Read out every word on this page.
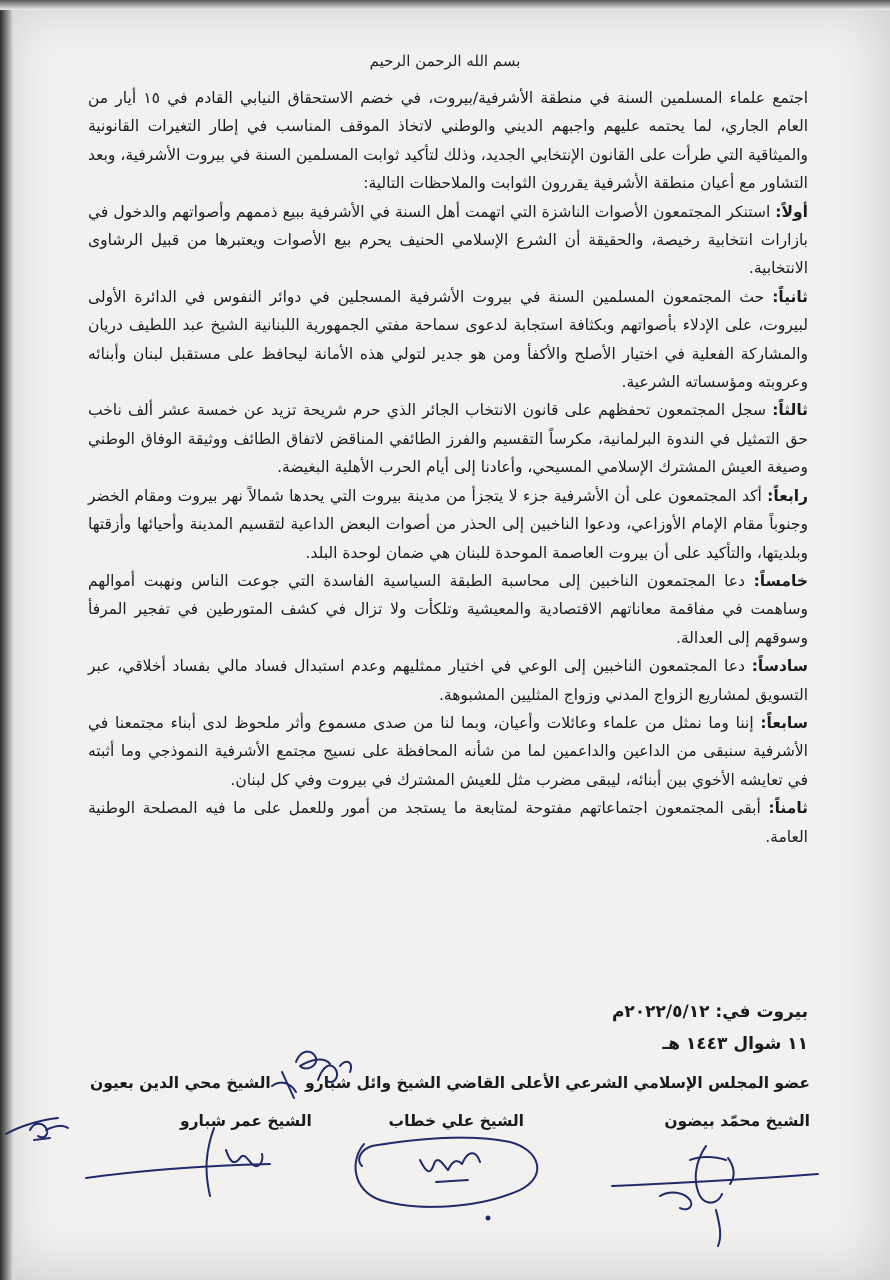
بسم الله الرحمن الرحيم

اجتمع علماء المسلمين السنة في منطقة الأشرفية/بيروت، في خضم الاستحقاق النيابي القادم في ١٥ أيار من العام الجاري، لما يحتمه عليهم واجبهم الديني والوطني لاتخاذ الموقف المناسب في إطار التغيرات القانونية والميثاقية التي طرأت على القانون الإنتخابي الجديد، وذلك لتأكيد ثوابت المسلمين السنة في بيروت الأشرفية، وبعد التشاور مع أعيان منطقة الأشرفية يقررون الثوابت والملاحظات التالية:

أولاً: استنكر المجتمعون الأصوات الناشزة التي اتهمت أهل السنة في الأشرفية ببيع ذممهم وأصواتهم والدخول في بازارات انتخابية رخيصة، والحقيقة أن الشرع الإسلامي الحنيف يحرم بيع الأصوات ويعتبرها من قبيل الرشاوى الانتخابية.

ثانياً: حث المجتمعون المسلمين السنة في بيروت الأشرفية المسجلين في دوائر النفوس في الدائرة الأولى لبيروت، على الإدلاء بأصواتهم وبكثافة استجابة لدعوى سماحة مفتي الجمهورية اللبنانية الشيخ عبد اللطيف دريان والمشاركة الفعلية في اختيار الأصلح والأكفأ ومن هو جدير لتولي هذه الأمانة ليحافظ على مستقبل لبنان وأبنائه وعروبته ومؤسساته الشرعية.

ثالثاً: سجل المجتمعون تحفظهم على قانون الانتخاب الجائر الذي حرم شريحة تزيد عن خمسة عشر ألف ناخب حق التمثيل في الندوة البرلمانية، مكرساً التقسيم والفرز الطائفي المناقض لاتفاق الطائف ووثيقة الوفاق الوطني وصيغة العيش المشترك الإسلامي المسيحي، وأعادنا إلى أيام الحرب الأهلية البغيضة.

رابعاً: أكد المجتمعون على أن الأشرفية جزء لا يتجزأ من مدينة بيروت التي يحدها شمالاً نهر بيروت ومقام الخضر وجنوباً مقام الإمام الأوزاعي، ودعوا الناخبين إلى الحذر من أصوات البعض الداعية لتقسيم المدينة وأحيائها وأزقتها وبلديتها، والتأكيد على أن بيروت العاصمة الموحدة للبنان هي ضمان لوحدة البلد.

خامساً: دعا المجتمعون الناخبين إلى محاسبة الطبقة السياسية الفاسدة التي جوعت الناس ونهبت أموالهم وساهمت في مفاقمة معاناتهم الاقتصادية والمعيشية وتلكأت ولا تزال في كشف المتورطين في تفجير المرفأ وسوقهم إلى العدالة.

سادساً: دعا المجتمعون الناخبين إلى الوعي في اختيار ممثليهم وعدم استبدال فساد مالي بفساد أخلاقي، عبر التسويق لمشاريع الزواج المدني وزواج المثليين المشبوهة.

سابعاً: إننا وما نمثل من علماء وعائلات وأعيان، وبما لنا من صدى مسموع وأثر ملحوظ لدى أبناء مجتمعنا في الأشرفية سنبقى من الداعين والداعمين لما من شأنه المحافظة على نسيج مجتمع الأشرفية النموذجي وما أثبته في تعايشه الأخوي بين أبنائه، ليبقى مضرب مثل للعيش المشترك في بيروت وفي كل لبنان.

ثامناً: أبقى المجتمعون اجتماعاتهم مفتوحة لمتابعة ما يستجد من أمور وللعمل على ما فيه المصلحة الوطنية العامة.

بيروت في: ٢٠٢٢/٥/١٢م
١١ شوال ١٤٤٣ هـ
عضو المجلس الإسلامي الشرعي الأعلى القاضي الشيخ وائل شبارو
الشيخ محي الدين بعيون
الشيخ محمّد بيضون
الشيخ علي خطاب
الشيخ عمر شبارو
